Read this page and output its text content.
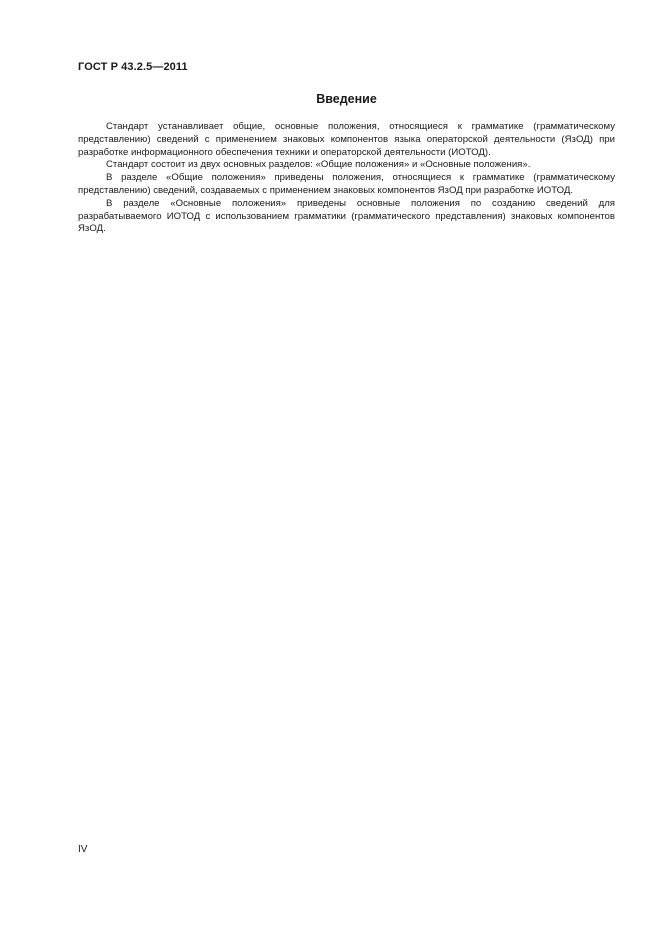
ГОСТ Р 43.2.5—2011

Введение

Стандарт устанавливает общие, основные положения, относящиеся к грамматике (грамматическому представлению) сведений с применением знаковых компонентов языка операторской деятельности (ЯзОД) при разработке информационного обеспечения техники и операторской деятельности (ИОТОД).

Стандарт состоит из двух основных разделов: «Общие положения» и «Основные положения».

В разделе «Общие положения» приведены положения, относящиеся к грамматике (грамматическому представлению) сведений, создаваемых с применением знаковых компонентов ЯзОД при разработке ИОТОД.

В разделе «Основные положения» приведены основные положения по созданию сведений для разрабатываемого ИОТОД с использованием грамматики (грамматического представления) знаковых компонентов ЯзОД.

IV
